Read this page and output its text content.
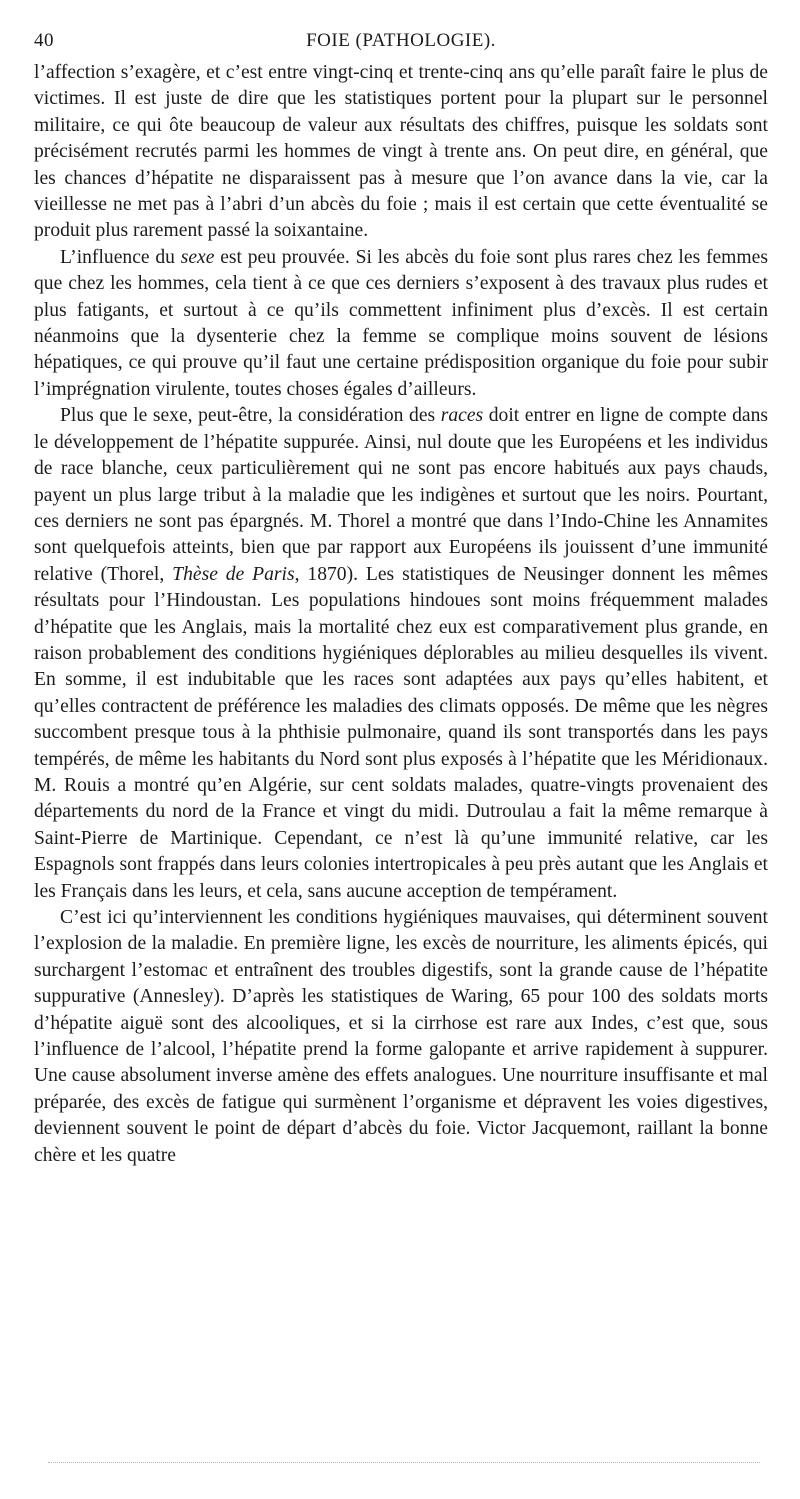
40	FOIE (PATHOLOGIE).

l’affection s’exagère, et c’est entre vingt-cinq et trente-cinq ans qu’elle paraît faire le plus de victimes. Il est juste de dire que les statistiques portent pour la plupart sur le personnel militaire, ce qui ôte beaucoup de valeur aux résultats des chiffres, puisque les soldats sont précisément recrutés parmi les hommes de vingt à trente ans. On peut dire, en général, que les chances d’hépatite ne disparaissent pas à mesure que l’on avance dans la vie, car la vieillesse ne met pas à l’abri d’un abcès du foie ; mais il est certain que cette éventualité se produit plus rarement passé la soixantaine.

L’influence du sexe est peu prouvée. Si les abcès du foie sont plus rares chez les femmes que chez les hommes, cela tient à ce que ces derniers s’exposent à des travaux plus rudes et plus fatigants, et surtout à ce qu’ils commettent infiniment plus d’excès. Il est certain néanmoins que la dysenterie chez la femme se complique moins souvent de lésions hépatiques, ce qui prouve qu’il faut une certaine prédisposition organique du foie pour subir l’imprégnation virulente, toutes choses égales d’ailleurs.

Plus que le sexe, peut-être, la considération des races doit entrer en ligne de compte dans le développement de l’hépatite suppurée. Ainsi, nul doute que les Européens et les individus de race blanche, ceux particulièrement qui ne sont pas encore habitués aux pays chauds, payent un plus large tribut à la maladie que les indigènes et surtout que les noirs. Pourtant, ces derniers ne sont pas épargnés. M. Thorel a montré que dans l’Indo-Chine les Annamites sont quelquefois atteints, bien que par rapport aux Européens ils jouissent d’une immunité relative (Thorel, Thèse de Paris, 1870). Les statistiques de Neusinger donnent les mêmes résultats pour l’Hindoustan. Les populations hindoues sont moins fréquemment malades d’hépatite que les Anglais, mais la mortalité chez eux est comparativement plus grande, en raison probablement des conditions hygiéniques déplorables au milieu desquelles ils vivent. En somme, il est indubitable que les races sont adaptées aux pays qu’elles habitent, et qu’elles contractent de préférence les maladies des climats opposés. De même que les nègres succombent presque tous à la phthisie pulmonaire, quand ils sont transportés dans les pays tempérés, de même les habitants du Nord sont plus exposés à l’hépatite que les Méridionaux. M. Rouis a montré qu’en Algérie, sur cent soldats malades, quatre-vingts provenaient des départements du nord de la France et vingt du midi. Dutroulau a fait la même remarque à Saint-Pierre de Martinique. Cependant, ce n’est là qu’une immunité relative, car les Espagnols sont frappés dans leurs colonies intertropicales à peu près autant que les Anglais et les Français dans les leurs, et cela, sans aucune acception de tempérament.

C’est ici qu’interviennent les conditions hygiéniques mauvaises, qui déterminent souvent l’explosion de la maladie. En première ligne, les excès de nourriture, les aliments épicés, qui surchargent l’estomac et entraînent des troubles digestifs, sont la grande cause de l’hépatite suppurative (Annesley). D’après les statistiques de Waring, 65 pour 100 des soldats morts d’hépatite aiguë sont des alcooliques, et si la cirrhose est rare aux Indes, c’est que, sous l’influence de l’alcool, l’hépatite prend la forme galopante et arrive rapidement à suppurer. Une cause absolument inverse amène des effets analogues. Une nourriture insuffisante et mal préparée, des excès de fatigue qui surmènent l’organisme et dépravent les voies digestives, deviennent souvent le point de départ d’abcès du foie. Victor Jacquemont, raillant la bonne chère et les quatre
